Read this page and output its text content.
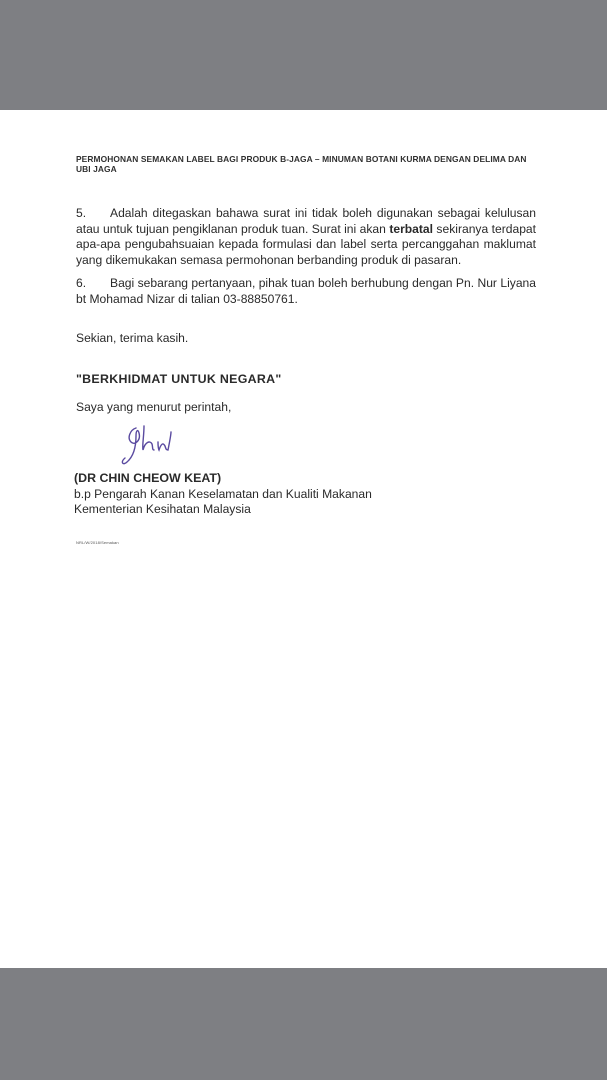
PERMOHONAN SEMAKAN LABEL BAGI PRODUK B-JAGA – MINUMAN BOTANI KURMA DENGAN DELIMA DAN UBI JAGA
5. Adalah ditegaskan bahawa surat ini tidak boleh digunakan sebagai kelulusan atau untuk tujuan pengiklanan produk tuan. Surat ini akan terbatal sekiranya terdapat apa-apa pengubahsuaian kepada formulasi dan label serta percanggahan maklumat yang dikemukakan semasa permohonan berbanding produk di pasaran.
6. Bagi sebarang pertanyaan, pihak tuan boleh berhubung dengan Pn. Nur Liyana bt Mohamad Nizar di talian 03-88850761.
Sekian, terima kasih.
"BERKHIDMAT UNTUK NEGARA"
Saya yang menurut perintah,
(DR CHIN CHEOW KEAT)
b.p Pengarah Kanan Keselamatan dan Kualiti Makanan
Kementerian Kesihatan Malaysia
NRL/W/2018/Semakan
